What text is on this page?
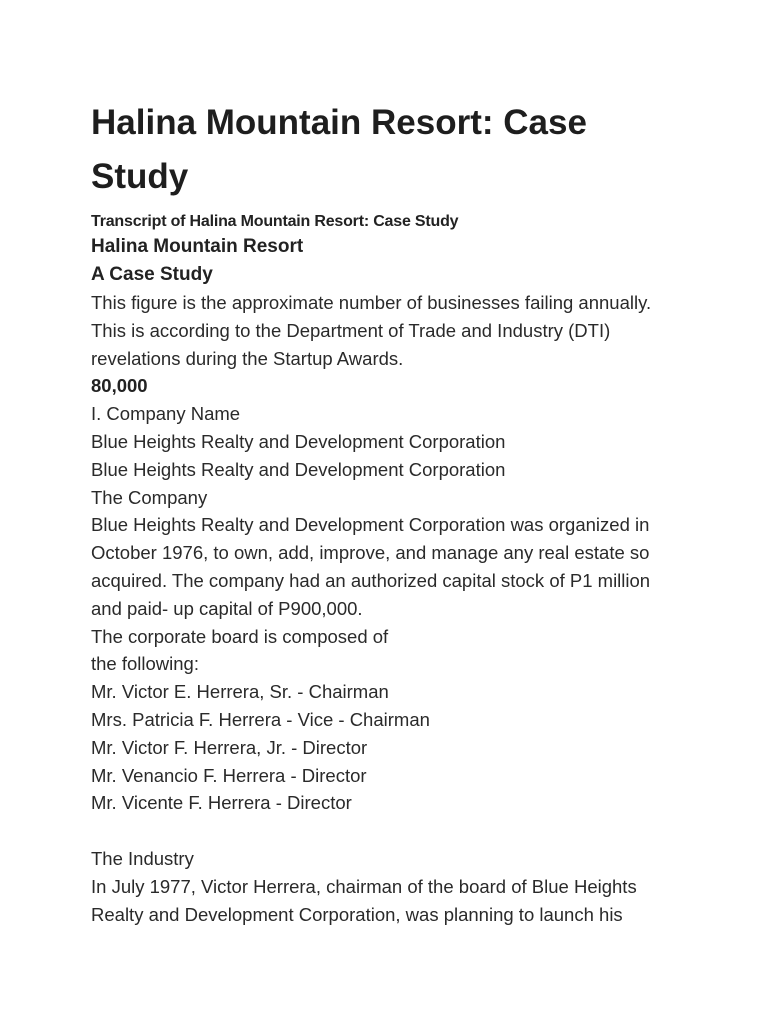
Halina Mountain Resort: Case
Study

Transcript of Halina Mountain Resort: Case Study

Halina Mountain Resort

A Case Study

This figure is the approximate number of businesses failing annually.

This is according to the Department of Trade and Industry (DTI)

revelations during the Startup Awards.

80,000

I. Company Name

Blue Heights Realty and Development Corporation

Blue Heights Realty and Development Corporation

The Company

Blue Heights Realty and Development Corporation was organized in

October 1976, to own, add, improve, and manage any real estate so

acquired. The company had an authorized capital stock of P1 million

and paid- up capital of P900,000.

The corporate board is composed of

the following:

Mr. Victor E. Herrera, Sr. - Chairman

Mrs. Patricia F. Herrera - Vice - Chairman

Mr. Victor F. Herrera, Jr. - Director

Mr. Venancio F. Herrera - Director

Mr. Vicente F. Herrera - Director

The Industry

In July 1977, Victor Herrera, chairman of the board of Blue Heights

Realty and Development Corporation, was planning to launch his
